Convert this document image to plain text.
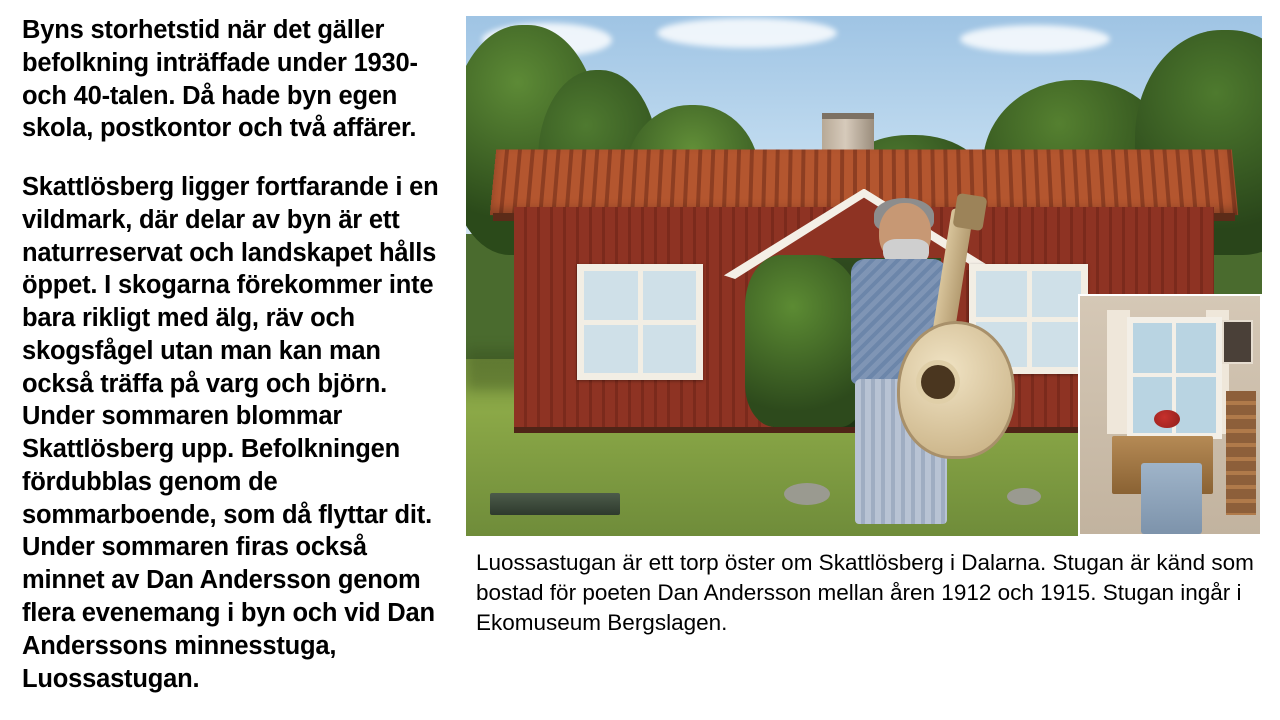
Byns storhetstid när det gäller befolkning inträffade under 1930- och 40-talen. Då hade byn egen skola, postkontor och två affärer.

Skattlösberg ligger fortfarande i en vildmark, där delar av byn är ett naturreservat och landskapet hålls öppet. I skogarna förekommer inte bara rikligt med älg, räv och skogsfågel utan man kan man också träffa på varg och björn. Under sommaren blommar Skattlösberg upp. Befolkningen fördubblas genom de sommarboende, som då flyttar dit. Under sommaren firas också minnet av Dan Andersson genom flera evenemang i byn och vid Dan Anderssons minnesstuga, Luossastugan.

Luossastugan är ett torp öster om Skattlösberg i Dalarna. Stugan är känd som bostad för poeten Dan Andersson mellan åren 1912 och 1915. Stugan ingår i Ekomuseum Bergslagen.
